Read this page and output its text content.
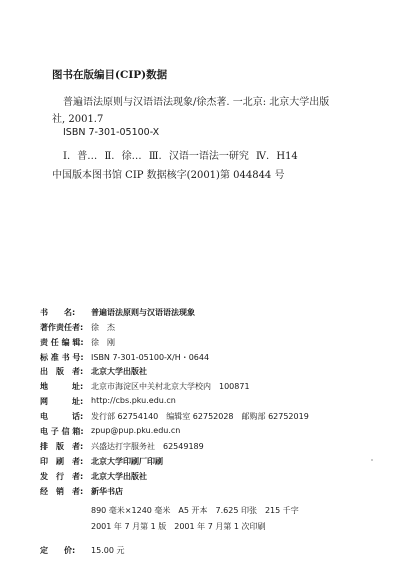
图书在版编目(CIP)数据
普遍语法原则与汉语语法现象/徐杰著. 一北京: 北京大学出版
社, 2001.7
ISBN 7-301-05100-X
Ⅰ. 普… Ⅱ. 徐… Ⅲ. 汉语一语法一研究 Ⅳ. H14
中国版本图书馆 CIP 数据核字(2001)第 044844 号
书　　名: 普遍语法原则与汉语语法现象
著作责任者: 徐　杰
责 任 编 辑: 徐　刚
标 准 书 号: ISBN 7-301-05100-X/H・0644
出　版　者: 北京大学出版社
地　　　址: 北京市海淀区中关村北京大学校内　100871
网　　　址: http://cbs.pku.edu.cn
电　　　话: 发行部 62754140　编辑室 62752028　邮购部 62752019
电 子 信 箱: zpup@pup.pku.edu.cn
排　版　者: 兴盛达打字服务社　62549189
印　刷　者: 北京大学印刷厂印刷
发　行　者: 北京大学出版社
经　销　者: 新华书店
890 毫米×1240 毫米　A5 开本　7.625 印张　215 千字
2001 年 7 月第 1 版　2001 年 7 月第 1 次印刷
定　　价: 15.00 元
